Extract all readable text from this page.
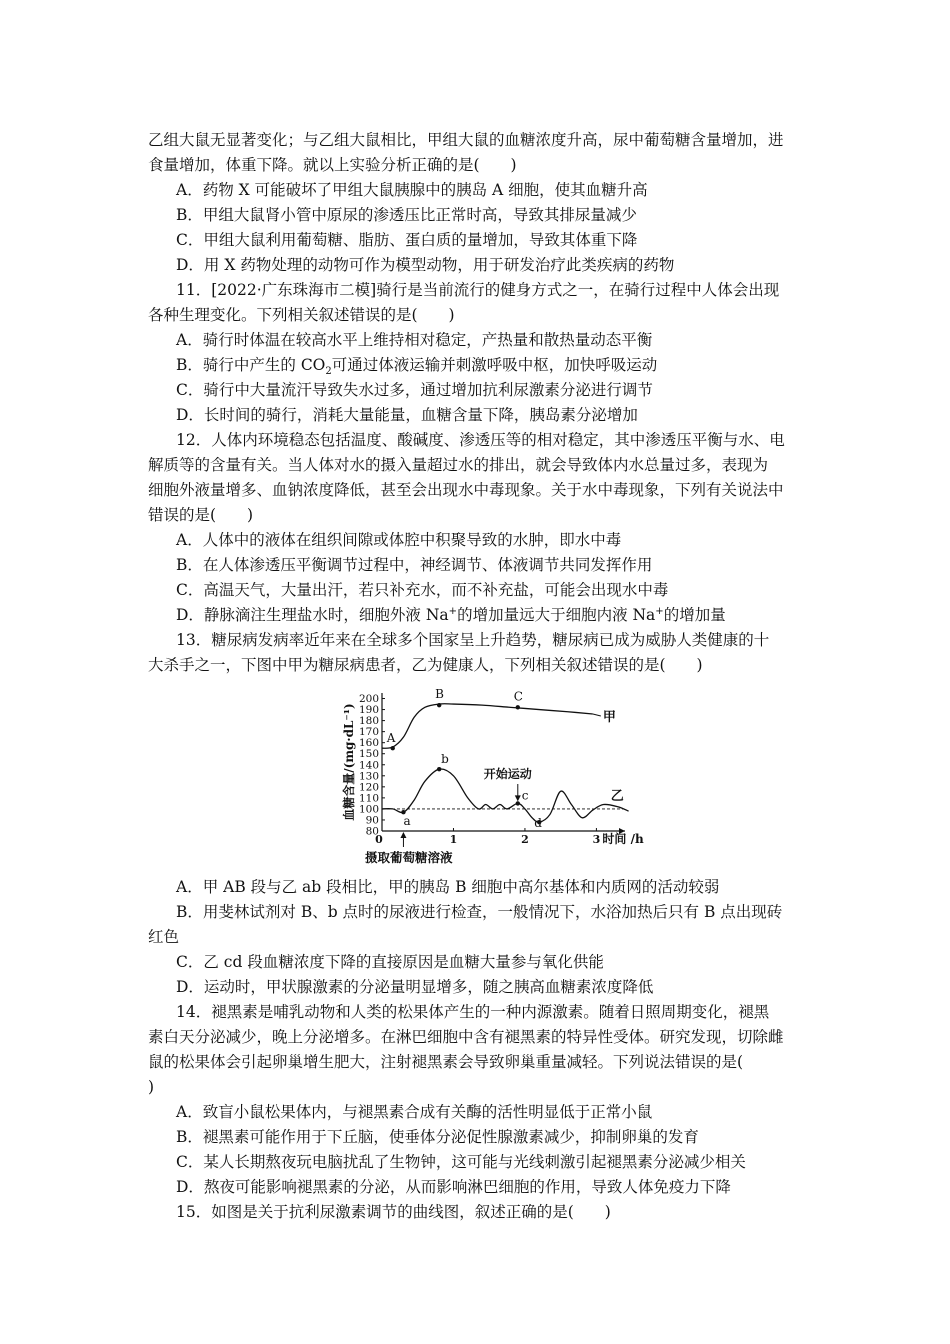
乙组大鼠无显著变化；与乙组大鼠相比，甲组大鼠的血糖浓度升高，尿中葡萄糖含量增加，进
食量增加，体重下降。就以上实验分析正确的是(　　)
A．药物 X 可能破坏了甲组大鼠胰腺中的胰岛 A 细胞，使其血糖升高
B．甲组大鼠肾小管中原尿的渗透压比正常时高，导致其排尿量减少
C．甲组大鼠利用葡萄糖、脂肪、蛋白质的量增加，导致其体重下降
D．用 X 药物处理的动物可作为模型动物，用于研发治疗此类疾病的药物
11．[2022·广东珠海市二模]骑行是当前流行的健身方式之一，在骑行过程中人体会出现
各种生理变化。下列相关叙述错误的是(　　)
A．骑行时体温在较高水平上维持相对稳定，产热量和散热量动态平衡
B．骑行中产生的 $CO_2$可通过体液运输并刺激呼吸中枢，加快呼吸运动
C．骑行中大量流汗导致失水过多，通过增加抗利尿激素分泌进行调节
D．长时间的骑行，消耗大量能量，血糖含量下降，胰岛素分泌增加
12．人体内环境稳态包括温度、酸碱度、渗透压等的相对稳定，其中渗透压平衡与水、电
解质等的含量有关。当人体对水的摄入量超过水的排出，就会导致体内水总量过多，表现为
细胞外液量增多、血钠浓度降低，甚至会出现水中毒现象。关于水中毒现象，下列有关说法中
错误的是(　　)
A．人体中的液体在组织间隙或体腔中积聚导致的水肿，即水中毒
B．在人体渗透压平衡调节过程中，神经调节、体液调节共同发挥作用
C．高温天气，大量出汗，若只补充水，而不补充盐，可能会出现水中毒
D．静脉滴注生理盐水时，细胞外液 Na+的增加量远大于细胞内液 Na+的增加量
13．糖尿病发病率近年来在全球多个国家呈上升趋势，糖尿病已成为威胁人类健康的十
大杀手之一，下图中甲为糖尿病患者，乙为健康人，下列相关叙述错误的是(　　)
80
90
100
110
120
130
140
150
160
170
180
190
200
0	1	2	3 时间 /h
血糖含量/(mg·dL⁻¹)	A
B	C
甲
a
b
c
d
乙
开始运动
摄取葡萄糖溶液
A．甲 AB 段与乙 ab 段相比，甲的胰岛 B 细胞中高尔基体和内质网的活动较弱
B．用斐林试剂对 B、b 点时的尿液进行检查，一般情况下，水浴加热后只有 B 点出现砖
红色
C．乙 cd 段血糖浓度下降的直接原因是血糖大量参与氧化供能
D．运动时，甲状腺激素的分泌量明显增多，随之胰高血糖素浓度降低
14．褪黑素是哺乳动物和人类的松果体产生的一种内源激素。随着日照周期变化，褪黑
素白天分泌减少，晚上分泌增多。在淋巴细胞中含有褪黑素的特异性受体。研究发现，切除雌
鼠的松果体会引起卵巢增生肥大，注射褪黑素会导致卵巢重量减轻。下列说法错误的是(
)
A．致盲小鼠松果体内，与褪黑素合成有关酶的活性明显低于正常小鼠
B．褪黑素可能作用于下丘脑，使垂体分泌促性腺激素减少，抑制卵巢的发育
C．某人长期熬夜玩电脑扰乱了生物钟，这可能与光线刺激引起褪黑素分泌减少相关
D．熬夜可能影响褪黑素的分泌，从而影响淋巴细胞的作用，导致人体免疫力下降
15．如图是关于抗利尿激素调节的曲线图，叙述正确的是(　　)
